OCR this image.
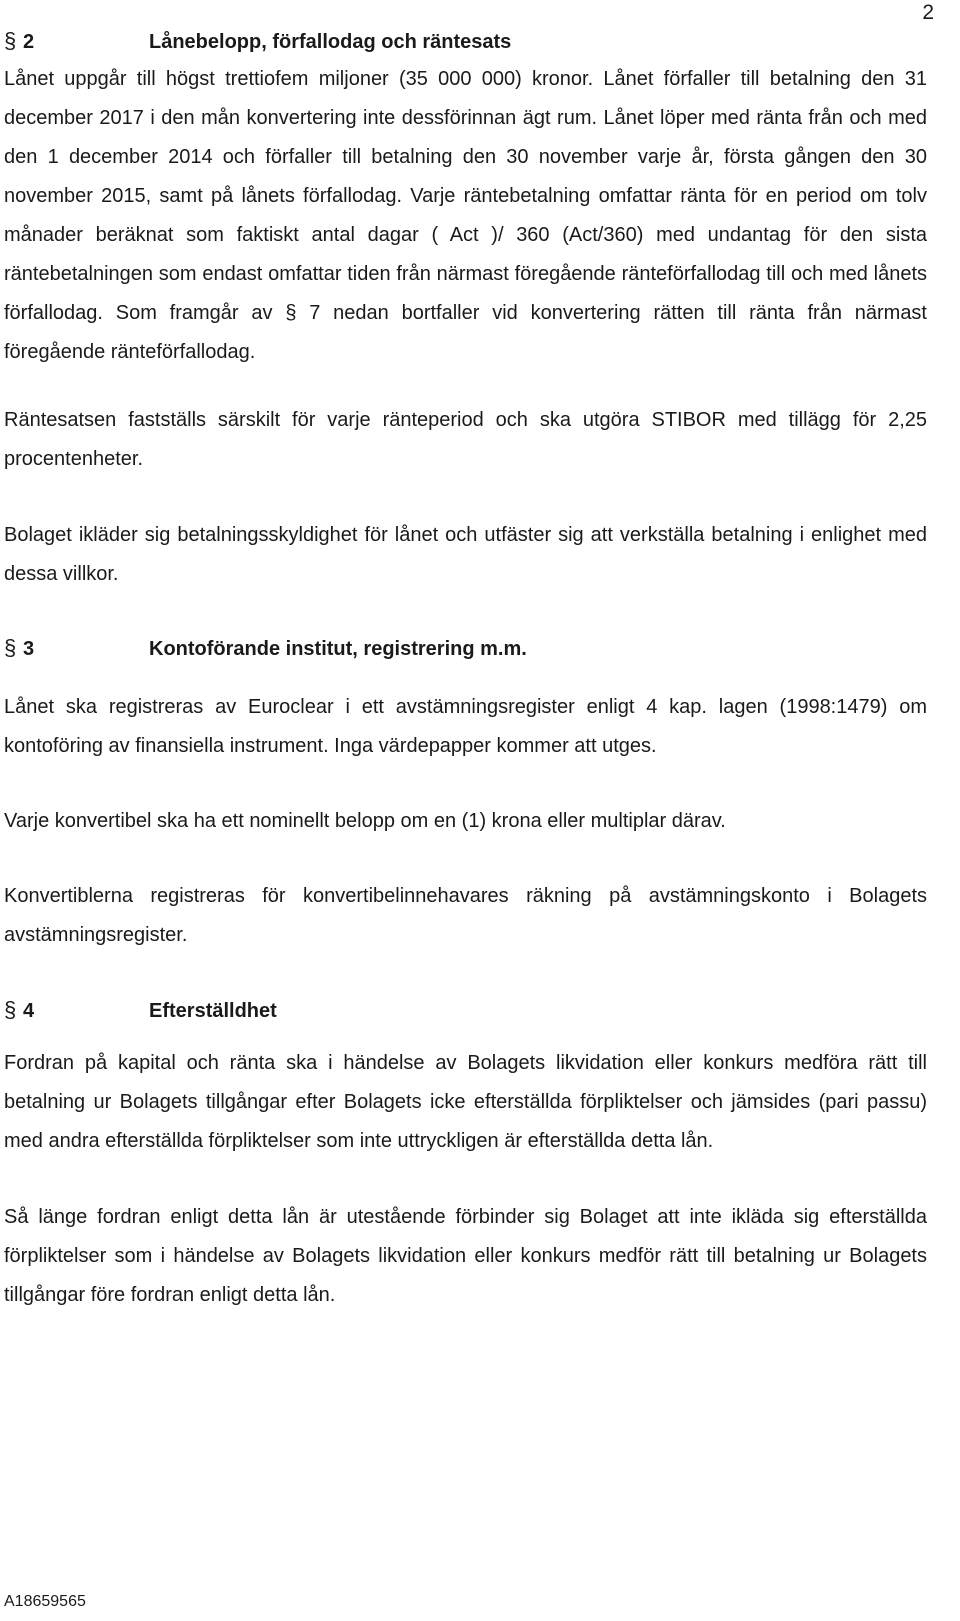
2
§ 2	Lånebelopp, förfallodag och räntesats

Lånet uppgår till högst trettiofem miljoner (35 000 000) kronor. Lånet förfaller till betalning den 31 december 2017 i den mån konvertering inte dessförinnan ägt rum. Lånet löper med ränta från och med den 1 december 2014 och förfaller till betalning den 30 november varje år, första gången den 30 november 2015, samt på lånets förfallodag. Varje räntebetalning omfattar ränta för en period om tolv månader beräknat som faktiskt antal dagar ( Act )/ 360 (Act/360) med undantag för den sista räntebetalningen som endast omfattar tiden från närmast föregående ränteförfallodag till och med lånets förfallodag. Som framgår av § 7 nedan bortfaller vid konvertering rätten till ränta från närmast föregående ränteförfallodag.

Räntesatsen fastställs särskilt för varje ränteperiod och ska utgöra STIBOR med tillägg för 2,25 procentenheter.

Bolaget ikläder sig betalningsskyldighet för lånet och utfäster sig att verkställa betalning i enlighet med dessa villkor.

§ 3	Kontoförande institut, registrering m.m.

Lånet ska registreras av Euroclear i ett avstämningsregister enligt 4 kap. lagen (1998:1479) om kontoföring av finansiella instrument. Inga värdepapper kommer att utges.

Varje konvertibel ska ha ett nominellt belopp om en (1) krona eller multiplar därav.

Konvertiblerna registreras för konvertibelinnehavares räkning på avstämningskonto i Bolagets avstämningsregister.

§ 4	Efterställdhet

Fordran på kapital och ränta ska i händelse av Bolagets likvidation eller konkurs medföra rätt till betalning ur Bolagets tillgångar efter Bolagets icke efterställda förpliktelser och jämsides (pari passu) med andra efterställda förpliktelser som inte uttryckligen är efterställda detta lån.

Så länge fordran enligt detta lån är utestående förbinder sig Bolaget att inte ikläda sig efterställda förpliktelser som i händelse av Bolagets likvidation eller konkurs medför rätt till betalning ur Bolagets tillgångar före fordran enligt detta lån.

A18659565
